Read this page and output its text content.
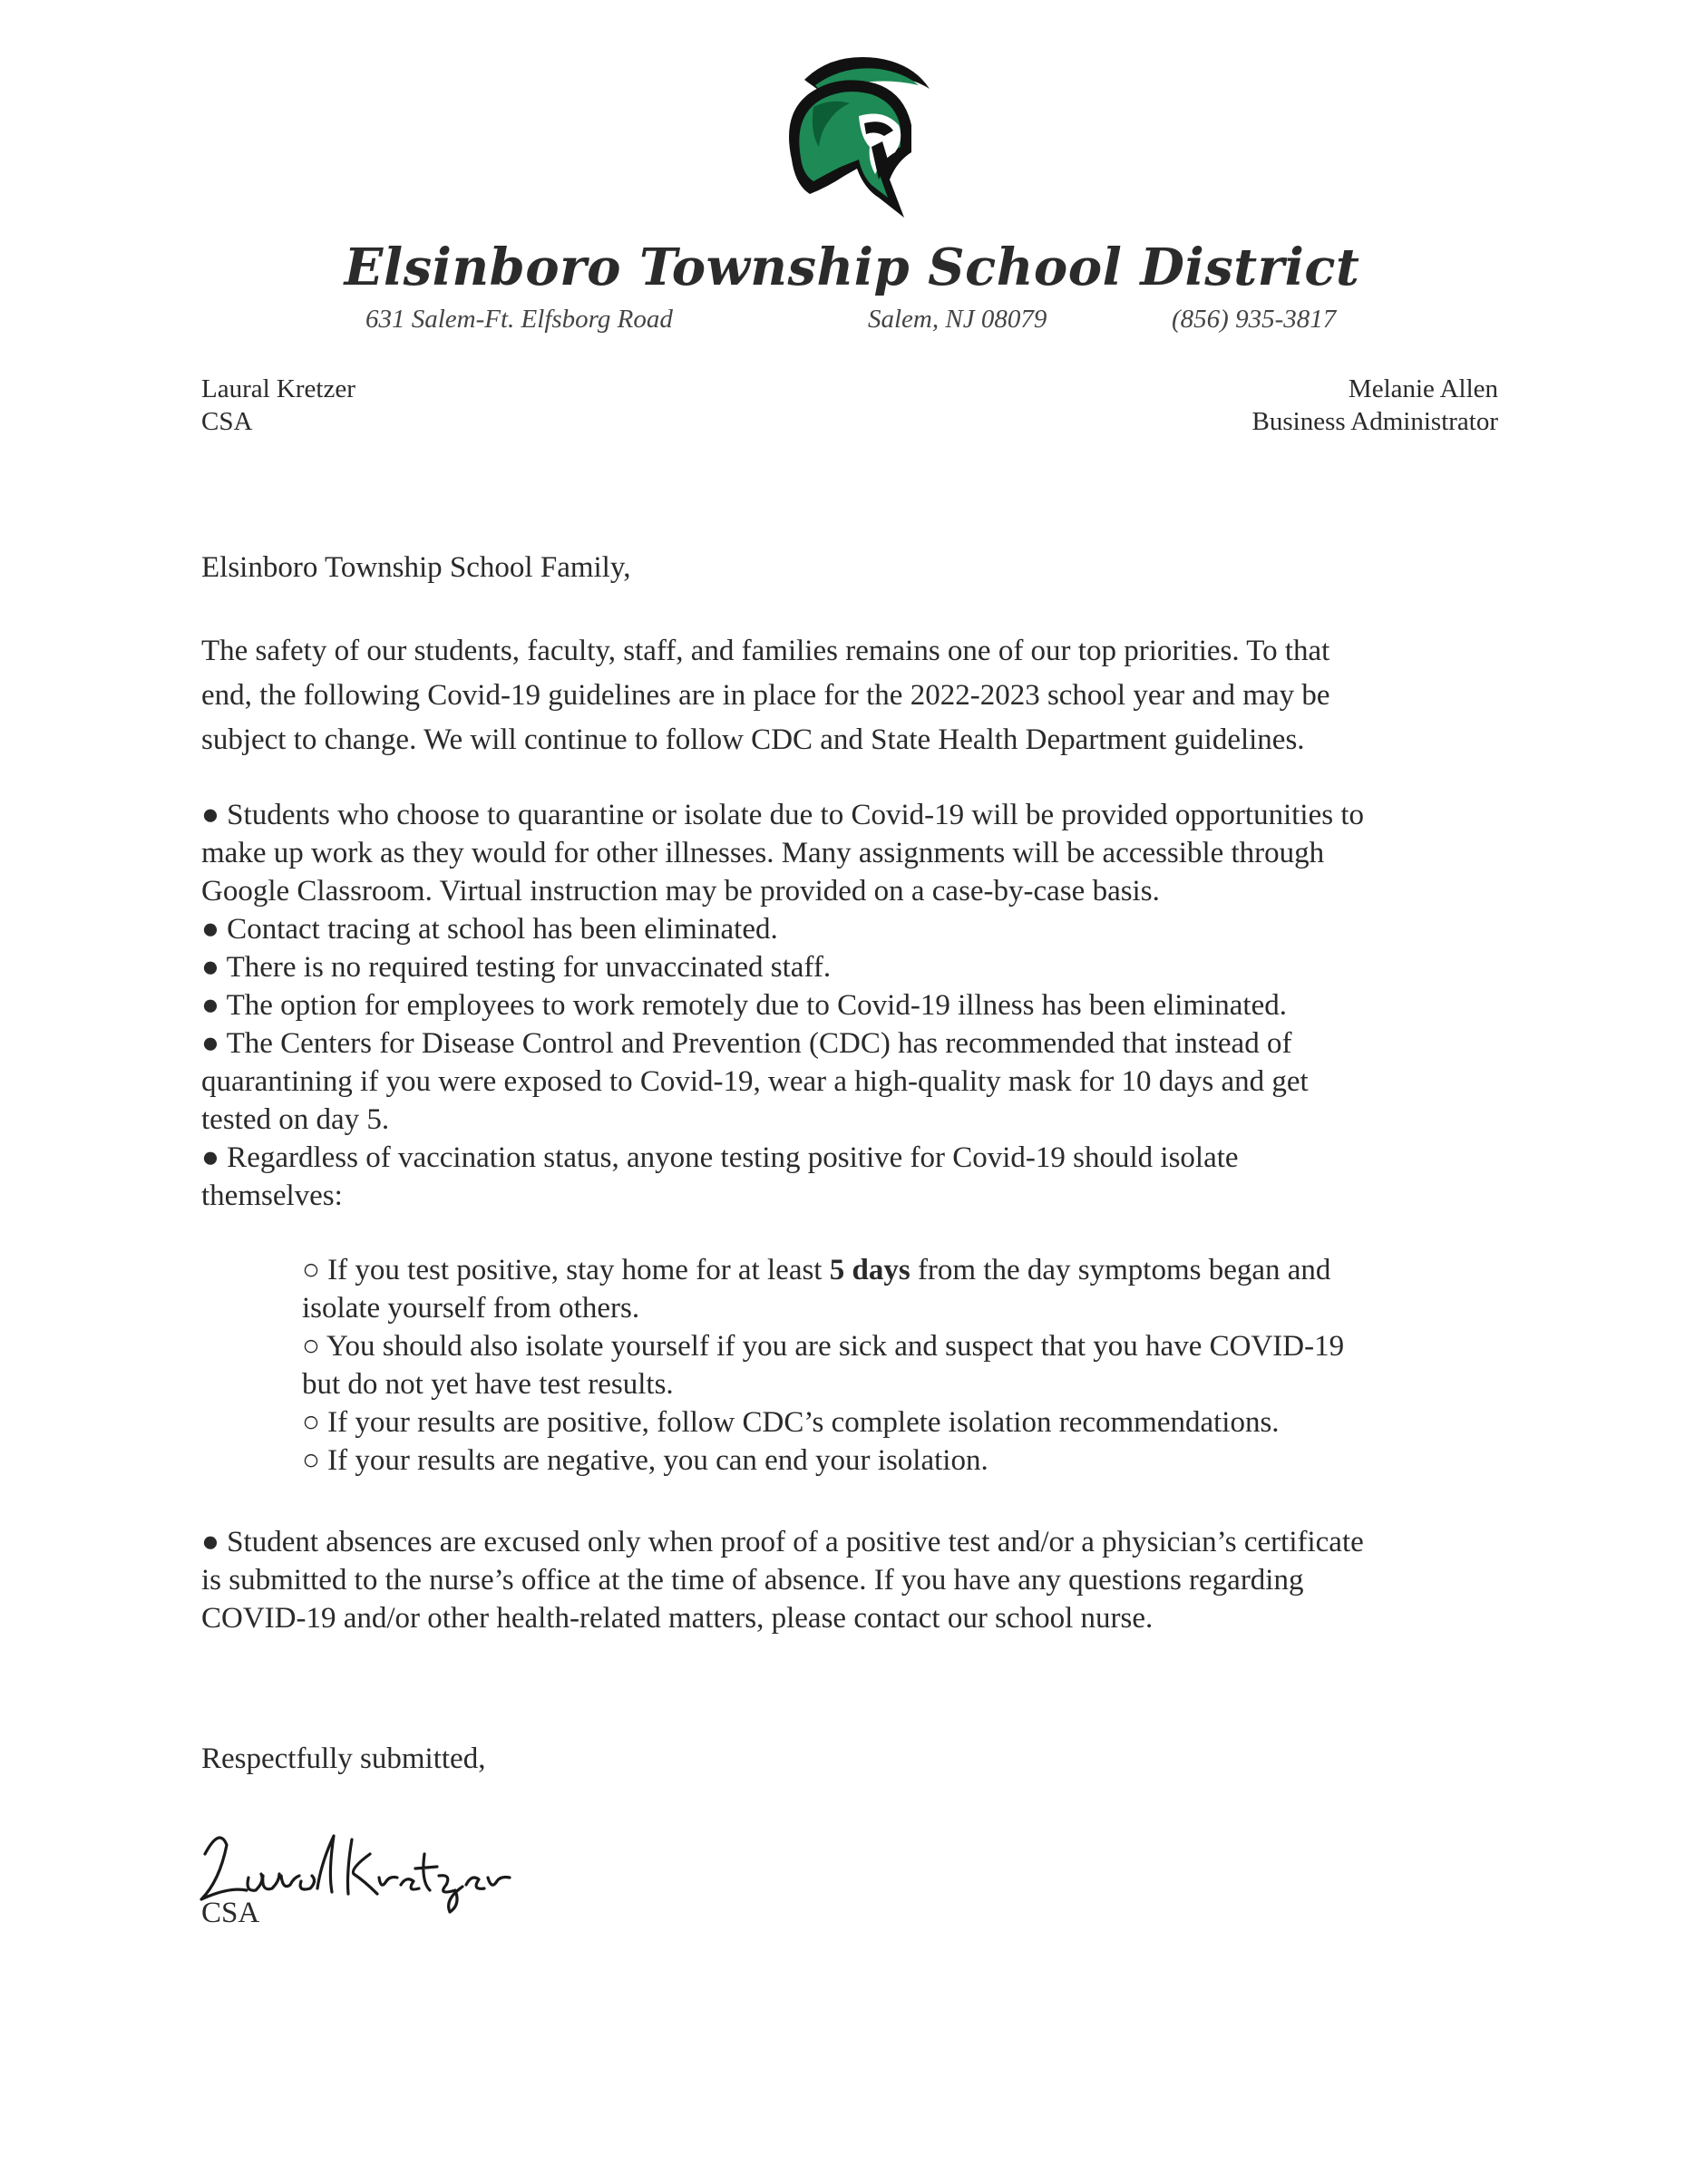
Elsinboro Township School District
631 Salem-Ft. Elfsborg Road	Salem, NJ 08079	(856) 935-3817
Laural Kretzer
CSA
Melanie Allen
Business Administrator

Elsinboro Township School Family,

The safety of our students, faculty, staff, and families remains one of our top priorities. To that

end, the following Covid-19 guidelines are in place for the 2022-2023 school year and may be

subject to change. We will continue to follow CDC and State Health Department guidelines.

● Students who choose to quarantine or isolate due to Covid-19 will be provided opportunities to

make up work as they would for other illnesses. Many assignments will be accessible through

Google Classroom. Virtual instruction may be provided on a case-by-case basis.

● Contact tracing at school has been eliminated.

● There is no required testing for unvaccinated staff.

● The option for employees to work remotely due to Covid-19 illness has been eliminated.

● The Centers for Disease Control and Prevention (CDC) has recommended that instead of

quarantining if you were exposed to Covid-19, wear a high-quality mask for 10 days and get

tested on day 5.

● Regardless of vaccination status, anyone testing positive for Covid-19 should isolate

themselves:

○ If you test positive, stay home for at least 5 days from the day symptoms began and

isolate yourself from others.

○ You should also isolate yourself if you are sick and suspect that you have COVID-19

but do not yet have test results.

○ If your results are positive, follow CDC’s complete isolation recommendations.

○ If your results are negative, you can end your isolation.

● Student absences are excused only when proof of a positive test and/or a physician’s certificate

is submitted to the nurse’s office at the time of absence. If you have any questions regarding

COVID-19 and/or other health-related matters, please contact our school nurse.

Respectfully submitted,

CSA
